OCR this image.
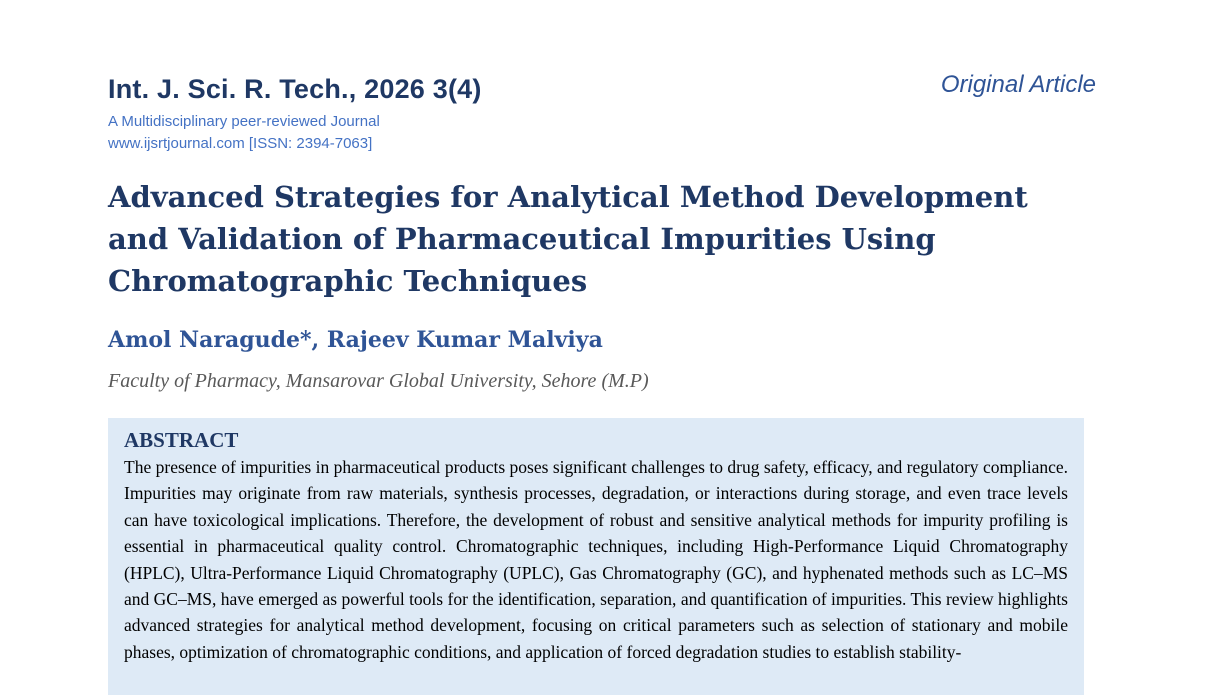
Int. J. Sci. R. Tech., 2026 3(4)	Original Article
A Multidisciplinary peer-reviewed Journal
www.ijsrtjournal.com [ISSN: 2394-7063]
Advanced Strategies for Analytical Method Development and Validation of Pharmaceutical Impurities Using Chromatographic Techniques
Amol Naragude*, Rajeev Kumar Malviya
Faculty of Pharmacy, Mansarovar Global University, Sehore (M.P)
ABSTRACT

The presence of impurities in pharmaceutical products poses significant challenges to drug safety, efficacy, and regulatory compliance. Impurities may originate from raw materials, synthesis processes, degradation, or interactions during storage, and even trace levels can have toxicological implications. Therefore, the development of robust and sensitive analytical methods for impurity profiling is essential in pharmaceutical quality control. Chromatographic techniques, including High-Performance Liquid Chromatography (HPLC), Ultra-Performance Liquid Chromatography (UPLC), Gas Chromatography (GC), and hyphenated methods such as LC–MS and GC–MS, have emerged as powerful tools for the identification, separation, and quantification of impurities. This review highlights advanced strategies for analytical method development, focusing on critical parameters such as selection of stationary and mobile phases, optimization of chromatographic conditions, and application of forced degradation studies to establish stability-
